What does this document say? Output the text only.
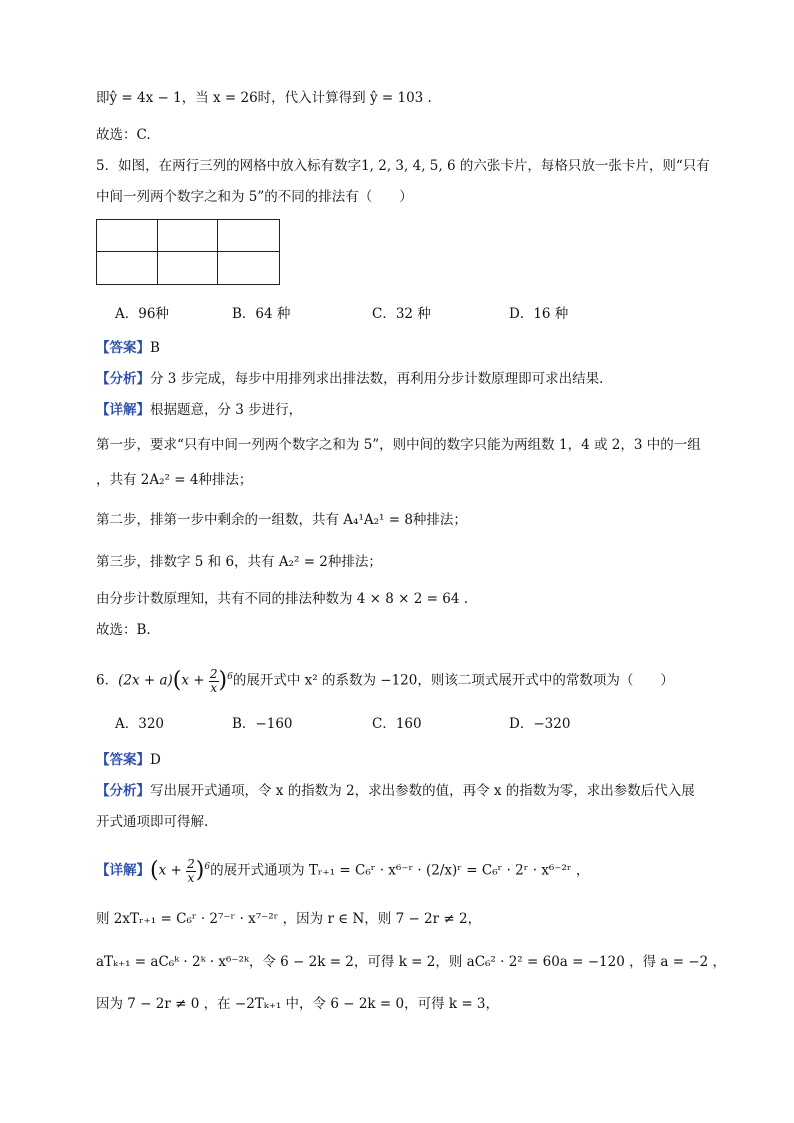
即ŷ = 4x − 1，当 x = 26时，代入计算得到 ŷ = 103 .
故选：C.
5．如图，在两行三列的网格中放入标有数字1, 2, 3, 4, 5, 6 的六张卡片，每格只放一张卡片，则“只有
中间一列两个数字之和为 5”的不同的排法有（　　）
A．96种	B．64 种	C．32 种	D．16 种
【答案】B
【分析】分 3 步完成，每步中用排列求出排法数，再利用分步计数原理即可求出结果.
【详解】根据题意，分 3 步进行，
第一步，要求“只有中间一列两个数字之和为 5”，则中间的数字只能为两组数 1，4 或 2，3 中的一组
，共有 2A₂² = 4种排法；
第二步，排第一步中剩余的一组数，共有 A₄¹A₂¹ = 8种排法；
第三步，排数字 5 和 6，共有 A₂² = 2种排法；
由分步计数原理知，共有不同的排法种数为 4 × 8 × 2 = 64 .
故选：B.
6．$(2x + a)(x + \frac{2}{x} )^6$的展开式中 x² 的系数为 −120，则该二项式展开式中的常数项为（　　）
A．320	B．−160	C．160	D．−320
【答案】D
【分析】写出展开式通项，令 x 的指数为 2，求出参数的值，再令 x 的指数为零，求出参数后代入展
开式通项即可得解.
【详解】$(x + \frac{2}{x} )^6$的展开式通项为 Tᵣ₊₁ = C₆ʳ · x⁶⁻ʳ · (2/x)ʳ = C₆ʳ · 2ʳ · x⁶⁻²ʳ ，
则 2xTᵣ₊₁ = C₆ʳ · 2⁷⁻ʳ · x⁷⁻²ʳ ，因为 r ∈ N，则 7 − 2r ≠ 2，
aTₖ₊₁ = aC₆ᵏ · 2ᵏ · x⁶⁻²ᵏ，令 6 − 2k = 2，可得 k = 2，则 aC₆² · 2² = 60a = −120 ，得 a = −2 ，
因为 7 − 2r ≠ 0 ，在 −2Tₖ₊₁ 中，令 6 − 2k = 0，可得 k = 3，
